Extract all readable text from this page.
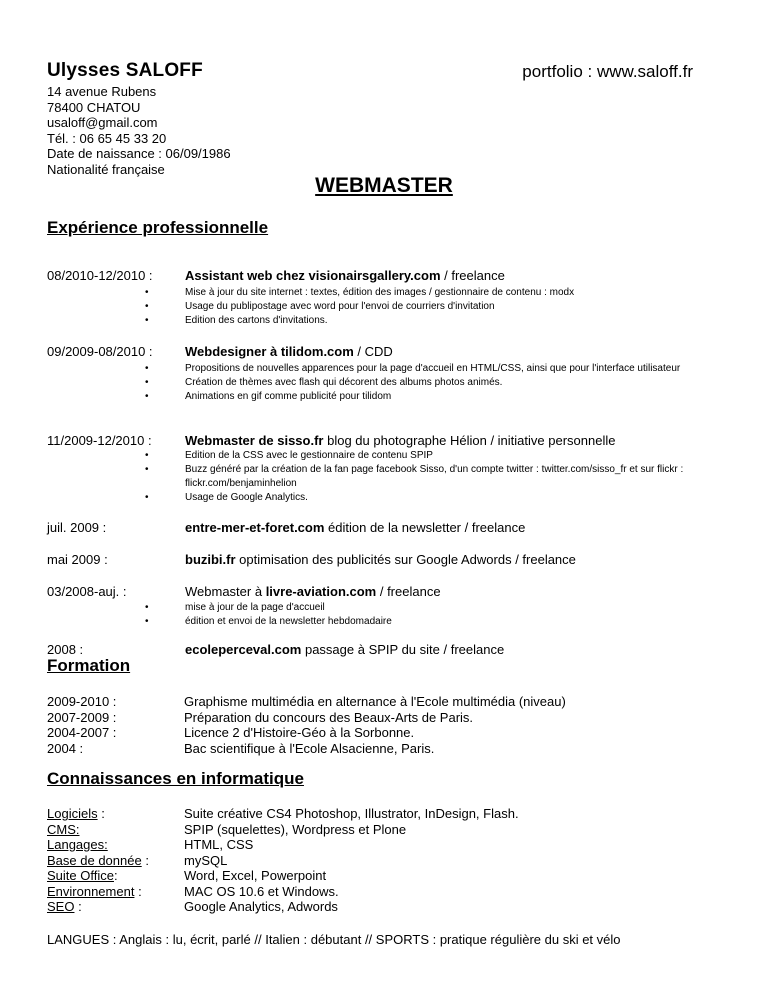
Ulysses SALOFF	portfolio : www.saloff.fr
14 avenue Rubens
78400 CHATOU
usaloff@gmail.com
Tél. : 06 65 45 33 20
Date de naissance : 06/09/1986
Nationalité française
WEBMASTER
Expérience professionnelle
08/2010-12/2010 : Assistant web chez visionairsgallery.com / freelance
• Mise à jour du site internet : textes, édition des images / gestionnaire de contenu : modx
• Usage du publipostage avec word pour l'envoi de courriers d'invitation
• Edition des cartons d'invitations.
09/2009-08/2010 : Webdesigner à tilidom.com / CDD
• Propositions de nouvelles apparences pour la page d'accueil en HTML/CSS, ainsi que pour l'interface utilisateur
• Création de thèmes avec flash qui décorent des albums photos animés.
• Animations en gif comme publicité pour tilidom
11/2009-12/2010 :	Webmaster de sisso.fr blog du photographe Hélion / initiative personnelle
• Edition de la CSS avec le gestionnaire de contenu SPIP
• Buzz généré par la création de la fan page facebook Sisso, d'un compte twitter : twitter.com/sisso_fr et sur flickr : flickr.com/benjaminhelion
• Usage de Google Analytics.
juil. 2009 :	entre-mer-et-foret.com édition de la newsletter / freelance
mai 2009 :	buzibi.fr optimisation des publicités sur Google Adwords / freelance
03/2008-auj. :	Webmaster à livre-aviation.com / freelance
• mise à jour de la page d'accueil
• édition et envoi de la newsletter hebdomadaire
2008 :	ecoleperceval.com passage à SPIP du site / freelance
Formation
2009-2010 :	Graphisme multimédia en alternance à l'Ecole multimédia (niveau)
2007-2009 :	Préparation du concours des Beaux-Arts de Paris.
2004-2007 :	Licence 2 d'Histoire-Géo à la Sorbonne.
2004 :	Bac scientifique à l'Ecole Alsacienne, Paris.
Connaissances en informatique
Logiciels :	Suite créative CS4 Photoshop, Illustrator, InDesign, Flash.
CMS:	SPIP (squelettes), Wordpress et Plone
Langages:	HTML, CSS
Base de donnée :	mySQL
Suite Office:	Word, Excel, Powerpoint
Environnement :	MAC OS 10.6 et Windows.
SEO :	Google Analytics, Adwords
LANGUES : Anglais : lu, écrit, parlé // Italien : débutant // SPORTS : pratique régulière du ski et vélo
